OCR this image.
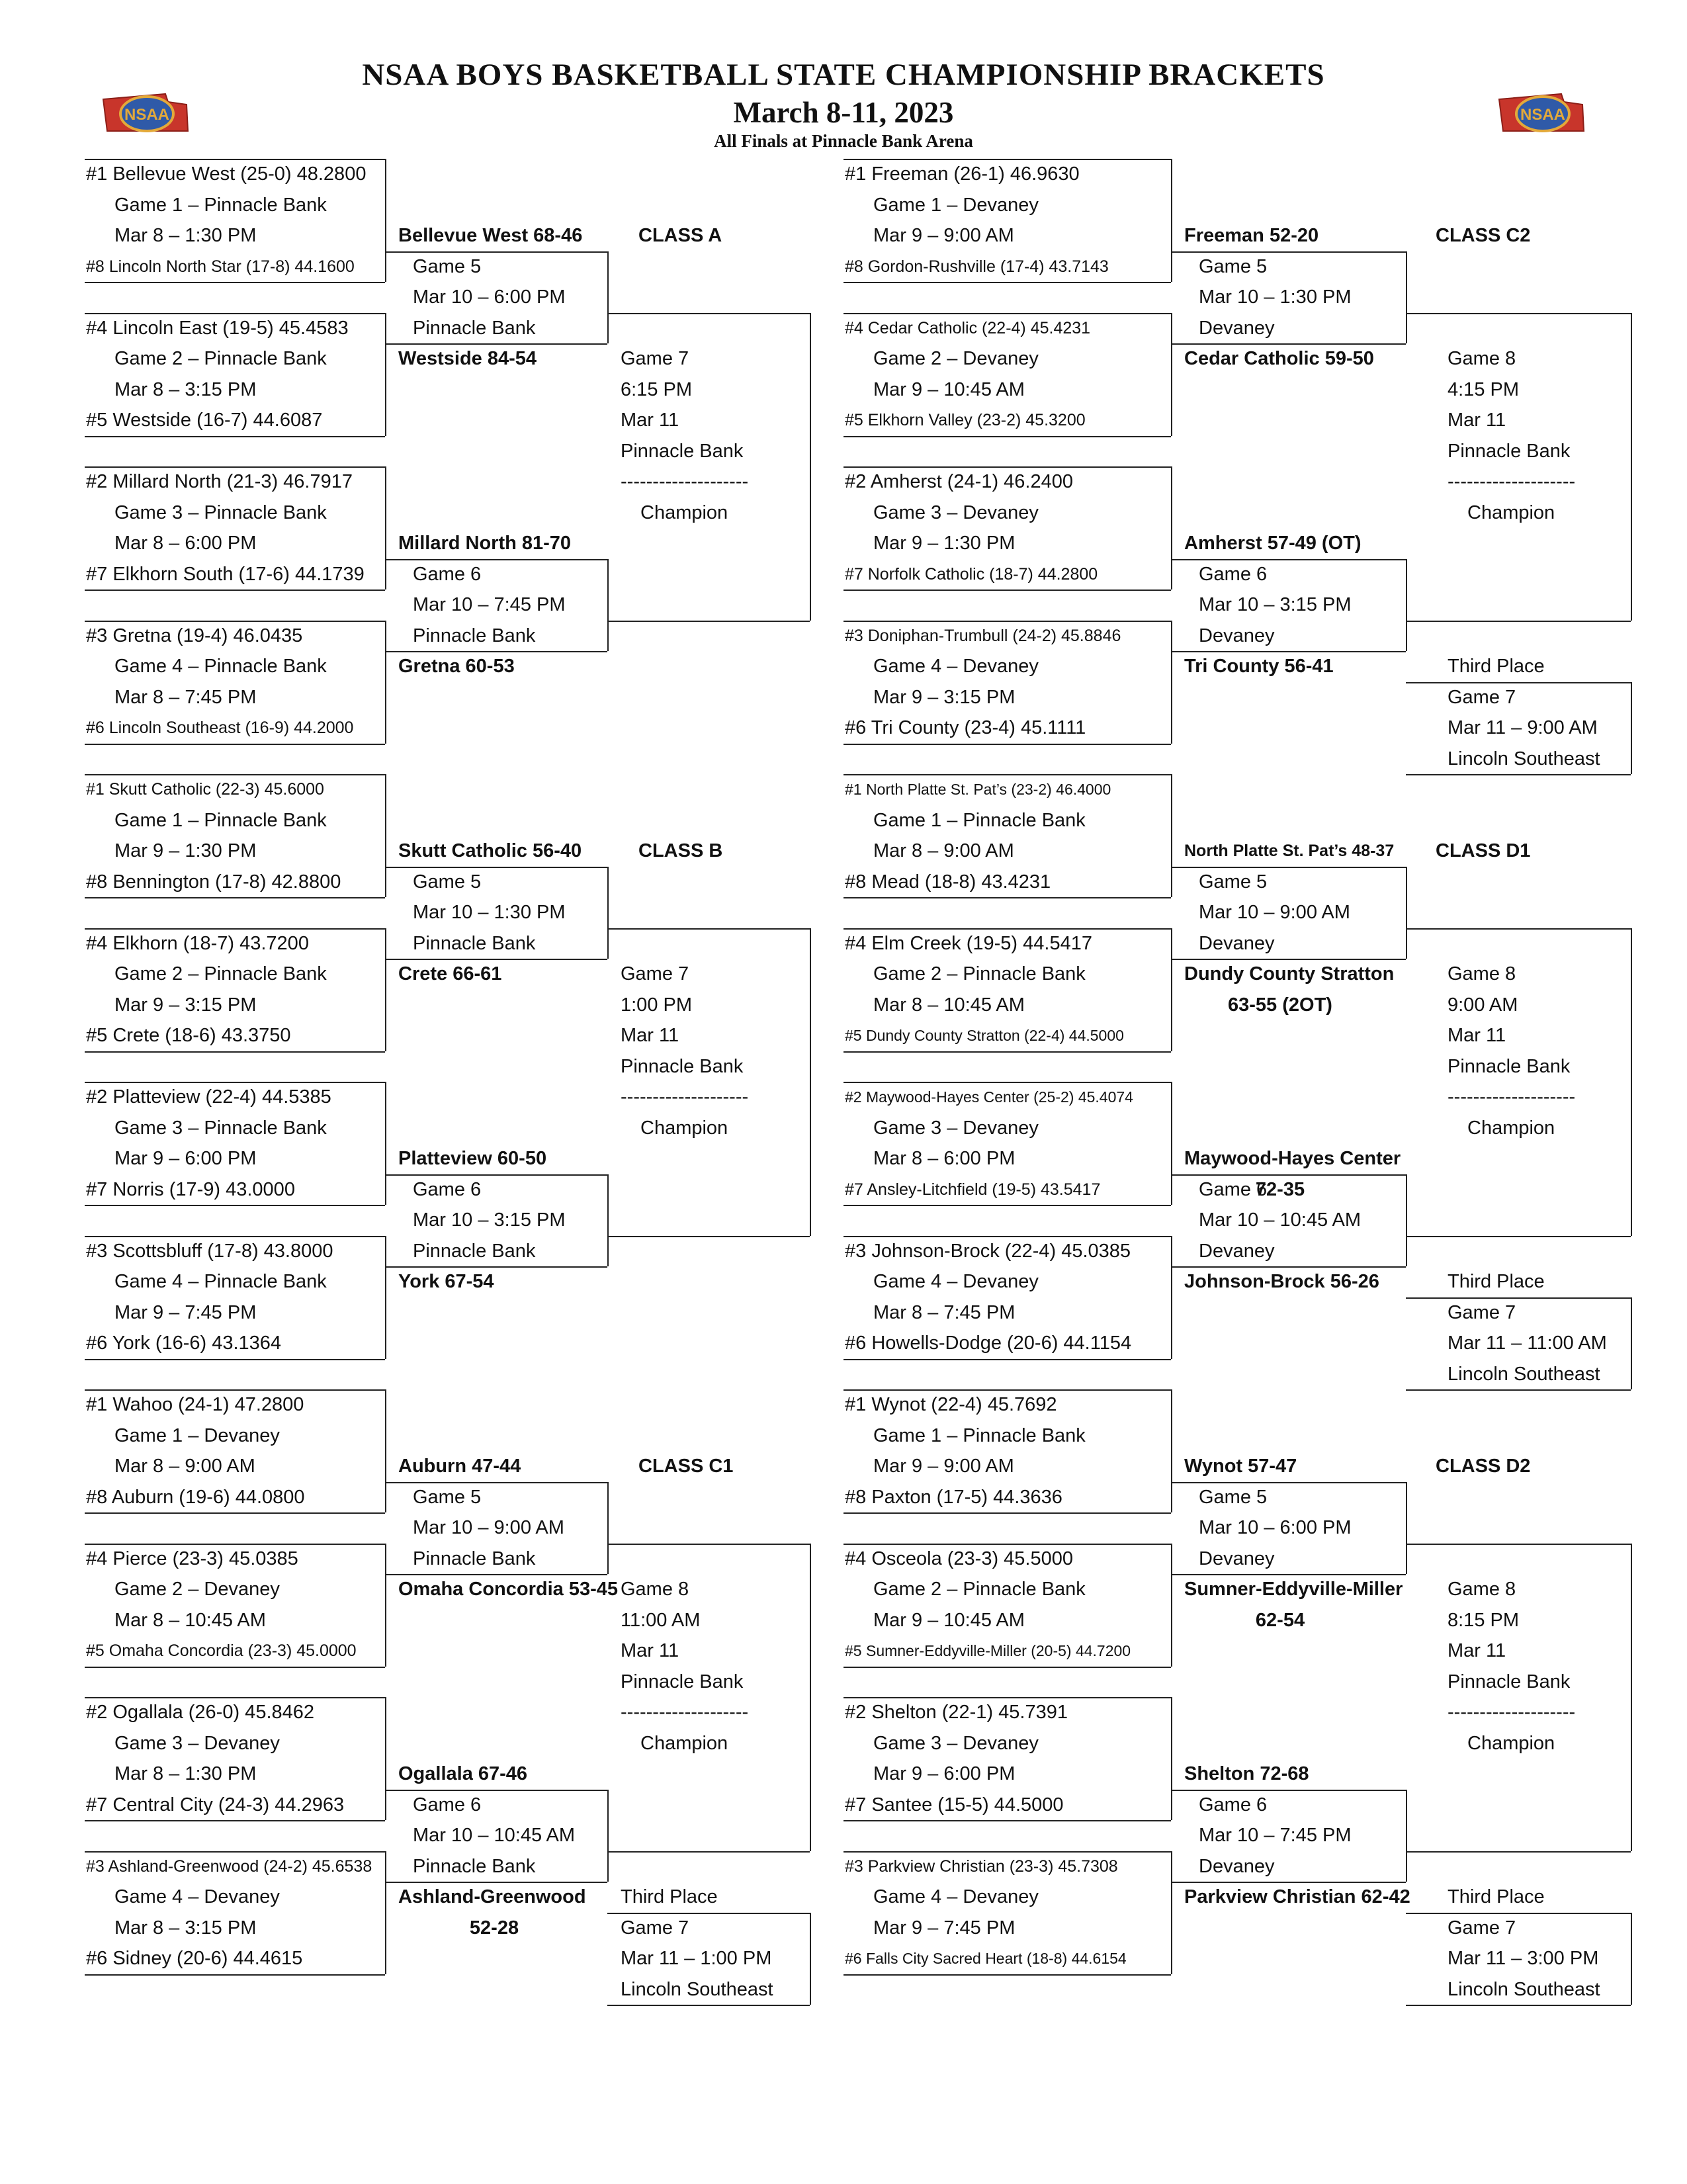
NSAA	NSAA
NSAA BOYS BASKETBALL STATE CHAMPIONSHIP BRACKETS
March 8-11, 2023
All Finals at Pinnacle Bank Arena
#1 Bellevue West (25-0) 48.2800
Game 1 – Pinnacle Bank
Mar 8 – 1:30 PM
#8 Lincoln North Star (17-8) 44.1600
#4 Lincoln East (19-5) 45.4583
Game 2 – Pinnacle Bank
Mar 8 – 3:15 PM
#5 Westside (16-7) 44.6087
#2 Millard North (21-3) 46.7917
Game 3 – Pinnacle Bank
Mar 8 – 6:00 PM
#7 Elkhorn South (17-6) 44.1739
#3 Gretna (19-4) 46.0435
Game 4 – Pinnacle Bank
Mar 8 – 7:45 PM
#6 Lincoln Southeast (16-9) 44.2000
Bellevue West 68-46
Westside 84-54
Millard North 81-70
Gretna 60-53
Game 5
Mar 10 – 6:00 PM
Pinnacle Bank
Game 6
Mar 10 – 7:45 PM
Pinnacle Bank
CLASS A
Game 7
6:15 PM
Mar 11
Pinnacle Bank
--------------------
Champion
#1 Freeman (26-1) 46.9630
Game 1 – Devaney
Mar 9 – 9:00 AM
#8 Gordon-Rushville (17-4) 43.7143
#4 Cedar Catholic (22-4) 45.4231
Game 2 – Devaney
Mar 9 – 10:45 AM
#5 Elkhorn Valley (23-2) 45.3200
#2 Amherst (24-1) 46.2400
Game 3 – Devaney
Mar 9 – 1:30 PM
#7 Norfolk Catholic (18-7) 44.2800
#3 Doniphan-Trumbull (24-2) 45.8846
Game 4 – Devaney
Mar 9 – 3:15 PM
#6 Tri County (23-4) 45.1111
Freeman 52-20
Cedar Catholic 59-50
Amherst 57-49 (OT)
Tri County 56-41
Game 5
Mar 10 – 1:30 PM
Devaney
Game 6
Mar 10 – 3:15 PM
Devaney
CLASS C2
Game 8
4:15 PM
Mar 11
Pinnacle Bank
--------------------
Champion
Third Place
Game 7
Mar 11 – 9:00 AM
Lincoln Southeast
#1 Skutt Catholic (22-3) 45.6000
Game 1 – Pinnacle Bank
Mar 9 – 1:30 PM
#8 Bennington (17-8) 42.8800
#4 Elkhorn (18-7) 43.7200
Game 2 – Pinnacle Bank
Mar 9 – 3:15 PM
#5 Crete (18-6) 43.3750
#2 Platteview (22-4) 44.5385
Game 3 – Pinnacle Bank
Mar 9 – 6:00 PM
#7 Norris (17-9) 43.0000
#3 Scottsbluff (17-8) 43.8000
Game 4 – Pinnacle Bank
Mar 9 – 7:45 PM
#6 York (16-6) 43.1364
Skutt Catholic 56-40
Crete 66-61
Platteview 60-50
York 67-54
Game 5
Mar 10 – 1:30 PM
Pinnacle Bank
Game 6
Mar 10 – 3:15 PM
Pinnacle Bank
CLASS B
Game 7
1:00 PM
Mar 11
Pinnacle Bank
--------------------
Champion
#1 North Platte St. Pat’s (23-2) 46.4000
Game 1 – Pinnacle Bank
Mar 8 – 9:00 AM
#8 Mead (18-8) 43.4231
#4 Elm Creek (19-5) 44.5417
Game 2 – Pinnacle Bank
Mar 8 – 10:45 AM
#5 Dundy County Stratton (22-4) 44.5000
#2 Maywood-Hayes Center (25-2) 45.4074
Game 3 – Devaney
Mar 8 – 6:00 PM
#7 Ansley-Litchfield (19-5) 43.5417
#3 Johnson-Brock (22-4) 45.0385
Game 4 – Devaney
Mar 8 – 7:45 PM
#6 Howells-Dodge (20-6) 44.1154
North Platte St. Pat’s 48-37
Dundy County Stratton
63-55 (2OT)
Maywood-Hayes Center
72-35
Johnson-Brock 56-26
Game 5
Mar 10 – 9:00 AM
Devaney
Game 6
Mar 10 – 10:45 AM
Devaney
CLASS D1
Game 8
9:00 AM
Mar 11
Pinnacle Bank
--------------------
Champion
Third Place
Game 7
Mar 11 – 11:00 AM
Lincoln Southeast
#1 Wahoo (24-1) 47.2800
Game 1 – Devaney
Mar 8 – 9:00 AM
#8 Auburn (19-6) 44.0800
#4 Pierce (23-3) 45.0385
Game 2 – Devaney
Mar 8 – 10:45 AM
#5 Omaha Concordia (23-3) 45.0000
#2 Ogallala (26-0) 45.8462
Game 3 – Devaney
Mar 8 – 1:30 PM
#7 Central City (24-3) 44.2963
#3 Ashland-Greenwood (24-2) 45.6538
Game 4 – Devaney
Mar 8 – 3:15 PM
#6 Sidney (20-6) 44.4615
Auburn 47-44
Omaha Concordia 53-45
Ogallala 67-46
Ashland-Greenwood
52-28
Game 5
Mar 10 – 9:00 AM
Pinnacle Bank
Game 6
Mar 10 – 10:45 AM
Pinnacle Bank
CLASS C1
Game 8
11:00 AM
Mar 11
Pinnacle Bank
--------------------
Champion
Third Place
Game 7
Mar 11 – 1:00 PM
Lincoln Southeast
#1 Wynot (22-4) 45.7692
Game 1 – Pinnacle Bank
Mar 9 – 9:00 AM
#8 Paxton (17-5) 44.3636
#4 Osceola (23-3) 45.5000
Game 2 – Pinnacle Bank
Mar 9 – 10:45 AM
#5 Sumner-Eddyville-Miller (20-5) 44.7200
#2 Shelton (22-1) 45.7391
Game 3 – Devaney
Mar 9 – 6:00 PM
#7 Santee (15-5) 44.5000
#3 Parkview Christian (23-3) 45.7308
Game 4 – Devaney
Mar 9 – 7:45 PM
#6 Falls City Sacred Heart (18-8) 44.6154
Wynot 57-47
Sumner-Eddyville-Miller
62-54
Shelton 72-68
Parkview Christian 62-42
Game 5
Mar 10 – 6:00 PM
Devaney
Game 6
Mar 10 – 7:45 PM
Devaney
CLASS D2
Game 8
8:15 PM
Mar 11
Pinnacle Bank
--------------------
Champion
Third Place
Game 7
Mar 11 – 3:00 PM
Lincoln Southeast
